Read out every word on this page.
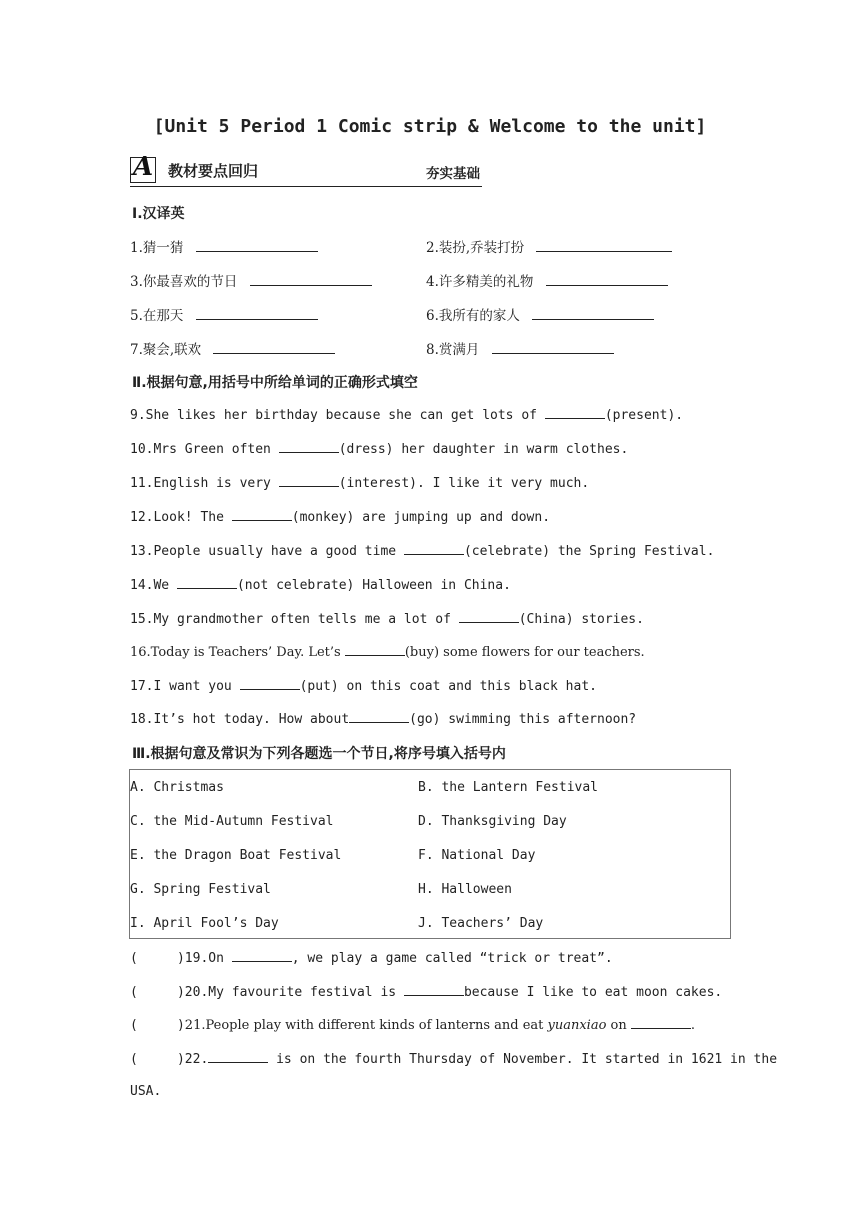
[Unit 5 Period 1 Comic strip & Welcome to the unit]
A 教材要点回归	夯实基础
Ⅰ.汉译英
1.猜一猜	2.装扮,乔装打扮
3.你最喜欢的节日	4.许多精美的礼物
5.在那天	6.我所有的家人
7.聚会,联欢	8.赏满月
Ⅱ.根据句意,用括号中所给单词的正确形式填空
9.She likes her birthday because she can get lots of	(present).
10.Mrs Green often	(dress) her daughter in warm clothes.
11.English is very	(interest). I like it very much.
12.Look! The	(monkey) are jumping up and down.
13.People usually have a good time	(celebrate) the Spring Festival.
14.We	(not celebrate) Halloween in China.
15.My grandmother often tells me a lot of	(China) stories.
16.Today is Teachers’ Day. Let’s	(buy) some flowers for our teachers.
17.I want you	(put) on this coat and this black hat.
18.It’s hot today. How about	(go) swimming this afternoon?
Ⅲ.根据句意及常识为下列各题选一个节日,将序号填入括号内
A. Christmas	B. the Lantern Festival
C. the Mid-Autumn Festival	D. Thanksgiving Day
E. the Dragon Boat Festival	F. National Day
G. Spring Festival	H. Halloween
I. April Fool’s Day	J. Teachers’ Day
(     )19.On	, we play a game called “trick or treat”.
(     )20.My favourite festival is	because I like to eat moon cakes.
(     )21.People play with different kinds of lanterns and eat yuanxiao on	.
(     )22.	is on the fourth Thursday of November. It started in 1621 in the
USA.
